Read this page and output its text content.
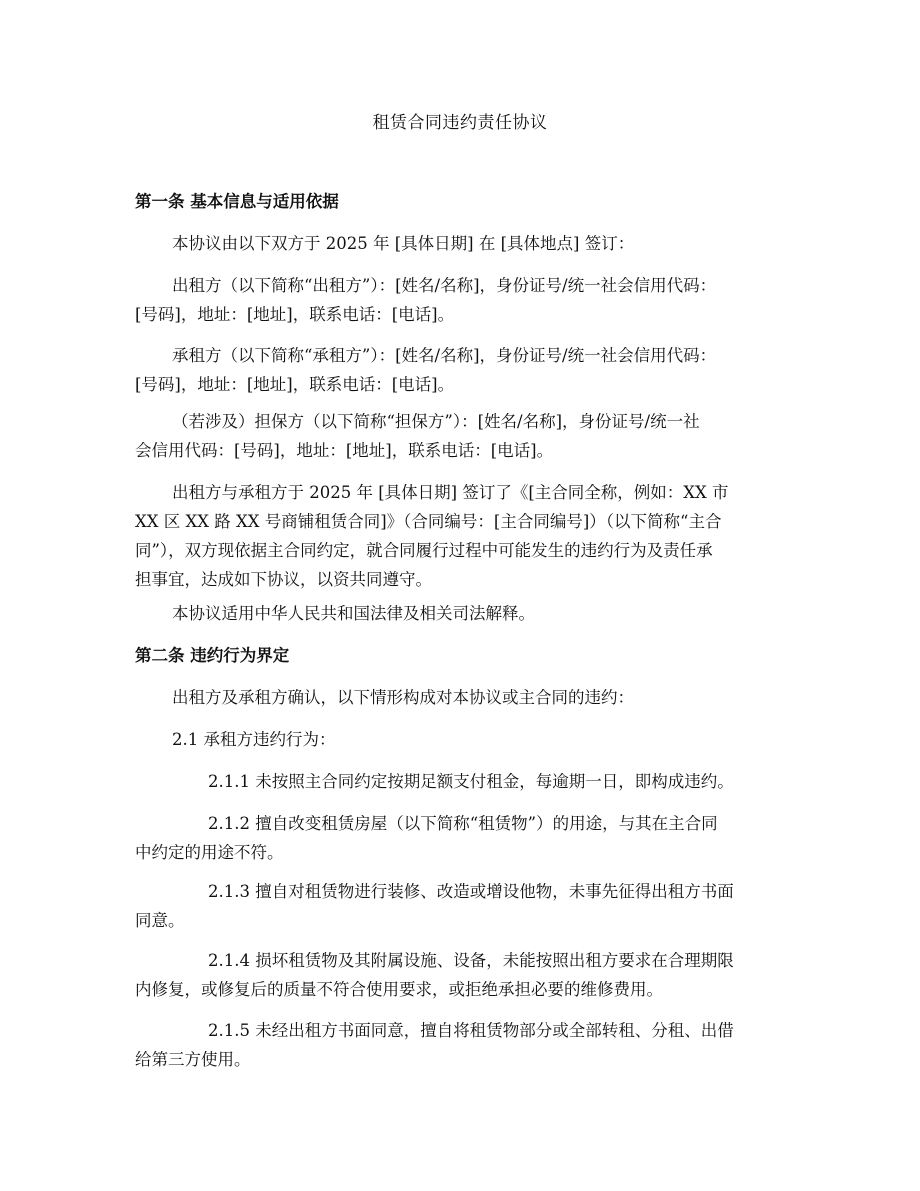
租赁合同违约责任协议
第一条 基本信息与适用依据
本协议由以下双方于 2025 年 [具体日期] 在 [具体地点] 签订：
出租方（以下简称“出租方”）：[姓名/名称]，身份证号/统一社会信用代码：
[号码]，地址：[地址]，联系电话：[电话]。
承租方（以下简称“承租方”）：[姓名/名称]，身份证号/统一社会信用代码：
[号码]，地址：[地址]，联系电话：[电话]。
（若涉及）担保方（以下简称“担保方”）：[姓名/名称]，身份证号/统一社
会信用代码：[号码]，地址：[地址]，联系电话：[电话]。
出租方与承租方于 2025 年 [具体日期] 签订了《[主合同全称，例如：XX 市
XX 区 XX 路 XX 号商铺租赁合同]》（合同编号：[主合同编号]）（以下简称“主合
同”），双方现依据主合同约定，就合同履行过程中可能发生的违约行为及责任承
担事宜，达成如下协议，以资共同遵守。
本协议适用中华人民共和国法律及相关司法解释。
第二条 违约行为界定
出租方及承租方确认，以下情形构成对本协议或主合同的违约：
2.1 承租方违约行为：
2.1.1 未按照主合同约定按期足额支付租金，每逾期一日，即构成违约。
2.1.2 擅自改变租赁房屋（以下简称“租赁物”）的用途，与其在主合同
中约定的用途不符。
2.1.3 擅自对租赁物进行装修、改造或增设他物，未事先征得出租方书面
同意。
2.1.4 损坏租赁物及其附属设施、设备，未能按照出租方要求在合理期限
内修复，或修复后的质量不符合使用要求，或拒绝承担必要的维修费用。
2.1.5 未经出租方书面同意，擅自将租赁物部分或全部转租、分租、出借
给第三方使用。
